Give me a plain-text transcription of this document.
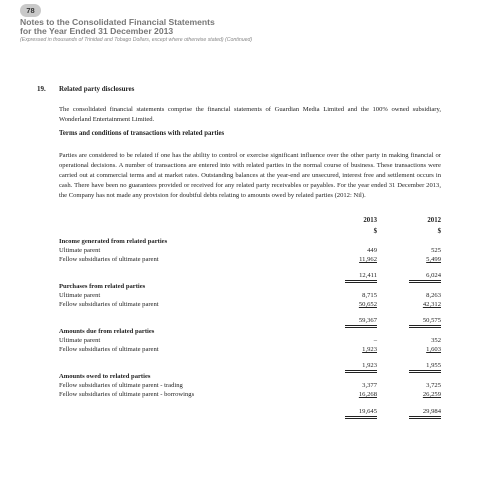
78
Notes to the Consolidated Financial Statements
for the Year Ended 31 December 2013
(Expressed in thousands of Trinidad and Tobago Dollars, except where otherwise stated) (Continued)
19. Related party disclosures

The consolidated financial statements comprise the financial statements of Guardian Media Limited and the 100% owned subsidiary, Wonderland Entertainment Limited.

Terms and conditions of transactions with related parties

Parties are considered to be related if one has the ability to control or exercise significant influence over the other party in making financial or operational decisions. A number of transactions are entered into with related parties in the normal course of business. These transactions were carried out at commercial terms and at market rates. Outstanding balances at the year-end are unsecured, interest free and settlement occurs in cash. There have been no guarantees provided or received for any related party receivables or payables. For the year ended 31 December 2013, the Company has not made any provision for doubtful debts relating to amounts owed by related parties (2012: Nil).

2013	2012
$	$
Income generated from related parties
Ultimate parent	449	525
Fellow subsidiaries of ultimate parent	11,962	5,499
12,411	6,024
Purchases from related parties
Ultimate parent	8,715	8,263
Fellow subsidiaries of ultimate parent	50,652	42,312
59,367	50,575
Amounts due from related parties
Ultimate parent	–	352
Fellow subsidiaries of ultimate parent	1,923	1,603
1,923	1,955
Amounts owed to related parties
Fellow subsidiaries of ultimate parent - trading	3,377	3,725
Fellow subsidiaries of ultimate parent - borrowings	16,268	26,259
19,645	29,984
